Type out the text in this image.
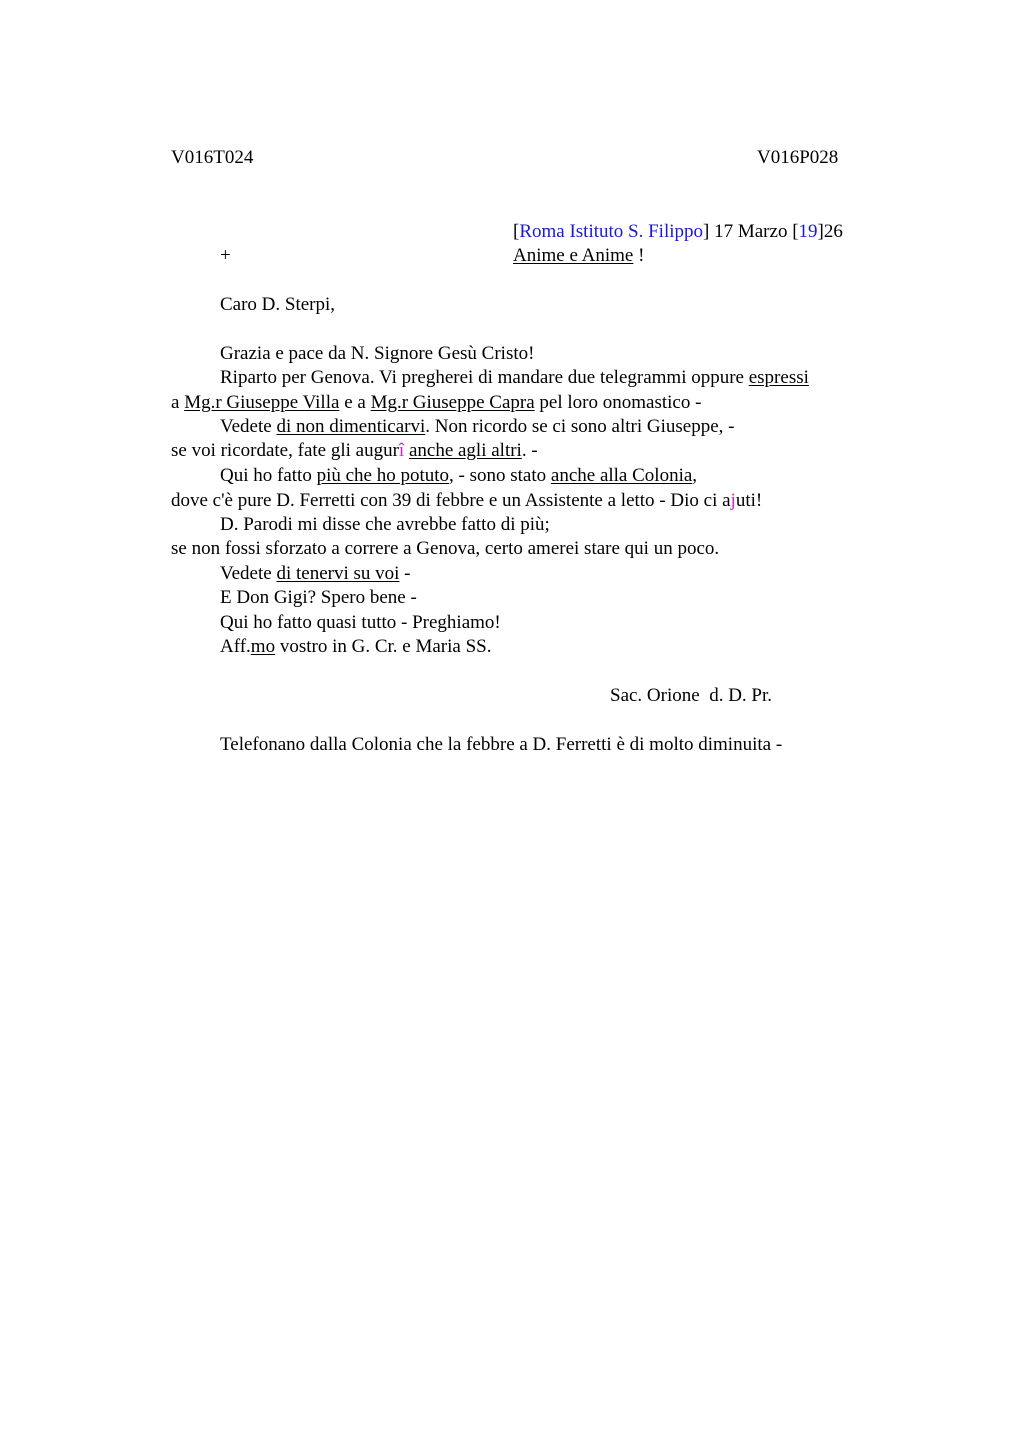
V016T024	V016P028
[Roma Istituto S. Filippo] 17 Marzo [19]26
+	Anime e Anime !
Caro D. Sterpi,
Grazia e pace da N. Signore Gesù Cristo!
Riparto per Genova. Vi pregherei di mandare due telegrammi oppure espressi
a Mg.r Giuseppe Villa e a Mg.r Giuseppe Capra pel loro onomastico -
Vedete di non dimenticarvi. Non ricordo se ci sono altri Giuseppe, -
se voi ricordate, fate gli augurî anche agli altri. -
Qui ho fatto più che ho potuto, - sono stato anche alla Colonia,
dove c'è pure D. Ferretti con 39 di febbre e un Assistente a letto - Dio ci ajuti!
D. Parodi mi disse che avrebbe fatto di più;
se non fossi sforzato a correre a Genova, certo amerei stare qui un poco.
Vedete di tenervi su voi -
E Don Gigi? Spero bene -
Qui ho fatto quasi tutto - Preghiamo!
Aff.mo vostro in G. Cr. e Maria SS.
Sac. Orione  d. D. Pr.
Telefonano dalla Colonia che la febbre a D. Ferretti è di molto diminuita -
